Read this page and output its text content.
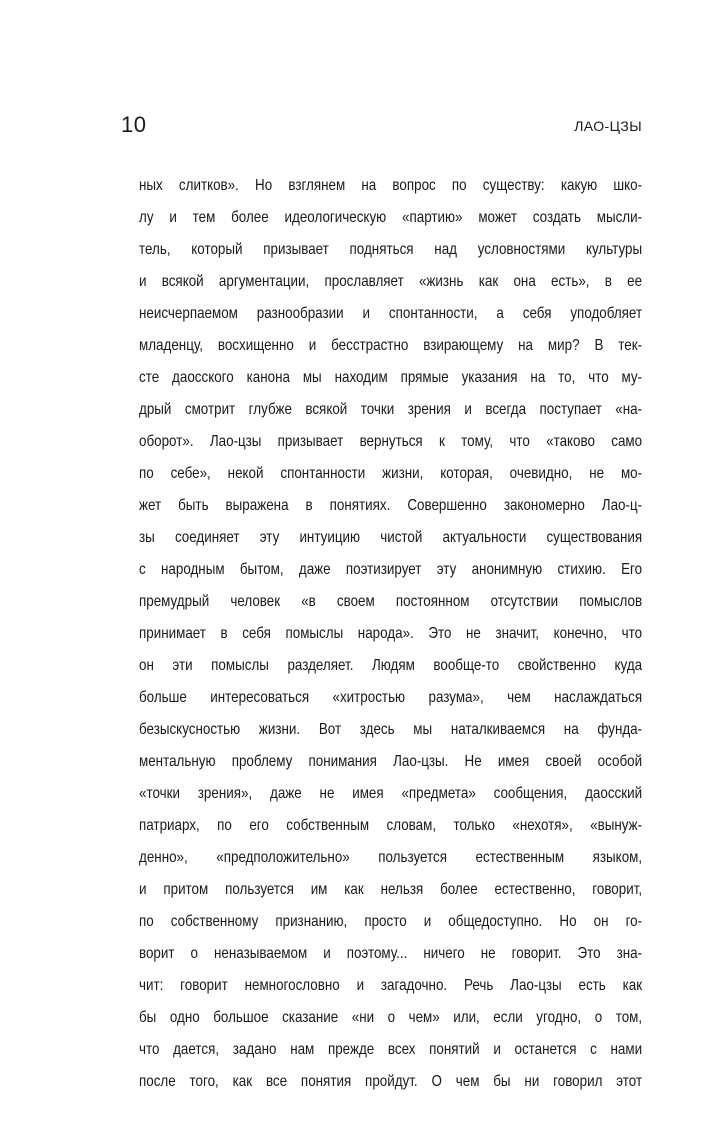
10	ЛАО-ЦЗЫ
ных слитков». Но взглянем на вопрос по существу: какую шко-
лу и тем более идеологическую «партию» может создать мысли-
тель, который призывает подняться над условностями культуры
и всякой аргументации, прославляет «жизнь как она есть», в ее
неисчерпаемом разнообразии и спонтанности, а себя уподобляет
младенцу, восхищенно и бесстрастно взирающему на мир? В тек-
сте даосского канона мы находим прямые указания на то, что му-
дрый смотрит глубже всякой точки зрения и всегда поступает «на-
оборот». Лао-цзы призывает вернуться к тому, что «таково само
по себе», некой спонтанности жизни, которая, очевидно, не мо-
жет быть выражена в понятиях. Совершенно закономерно Лао-ц-
зы соединяет эту интуицию чистой актуальности существования
с народным бытом, даже поэтизирует эту анонимную стихию. Его
премудрый человек «в своем постоянном отсутствии помыслов
принимает в себя помыслы народа». Это не значит, конечно, что
он эти помыслы разделяет. Людям вообще-то свойственно куда
больше интересоваться «хитростью разума», чем наслаждаться
безыскусностью жизни. Вот здесь мы наталкиваемся на фунда-
ментальную проблему понимания Лао-цзы. Не имея своей особой
«точки зрения», даже не имея «предмета» сообщения, даосский
патриарх, по его собственным словам, только «нехотя», «вынуж-
денно», «предположительно» пользуется естественным языком,
и притом пользуется им как нельзя более естественно, говорит,
по собственному признанию, просто и общедоступно. Но он го-
ворит о неназываемом и поэтому... ничего не говорит. Это зна-
чит: говорит немногословно и загадочно. Речь Лао-цзы есть как
бы одно большое сказание «ни о чем» или, если угодно, о том,
что дается, задано нам прежде всех понятий и останется с нами
после того, как все понятия пройдут. О чем бы ни говорил этот
